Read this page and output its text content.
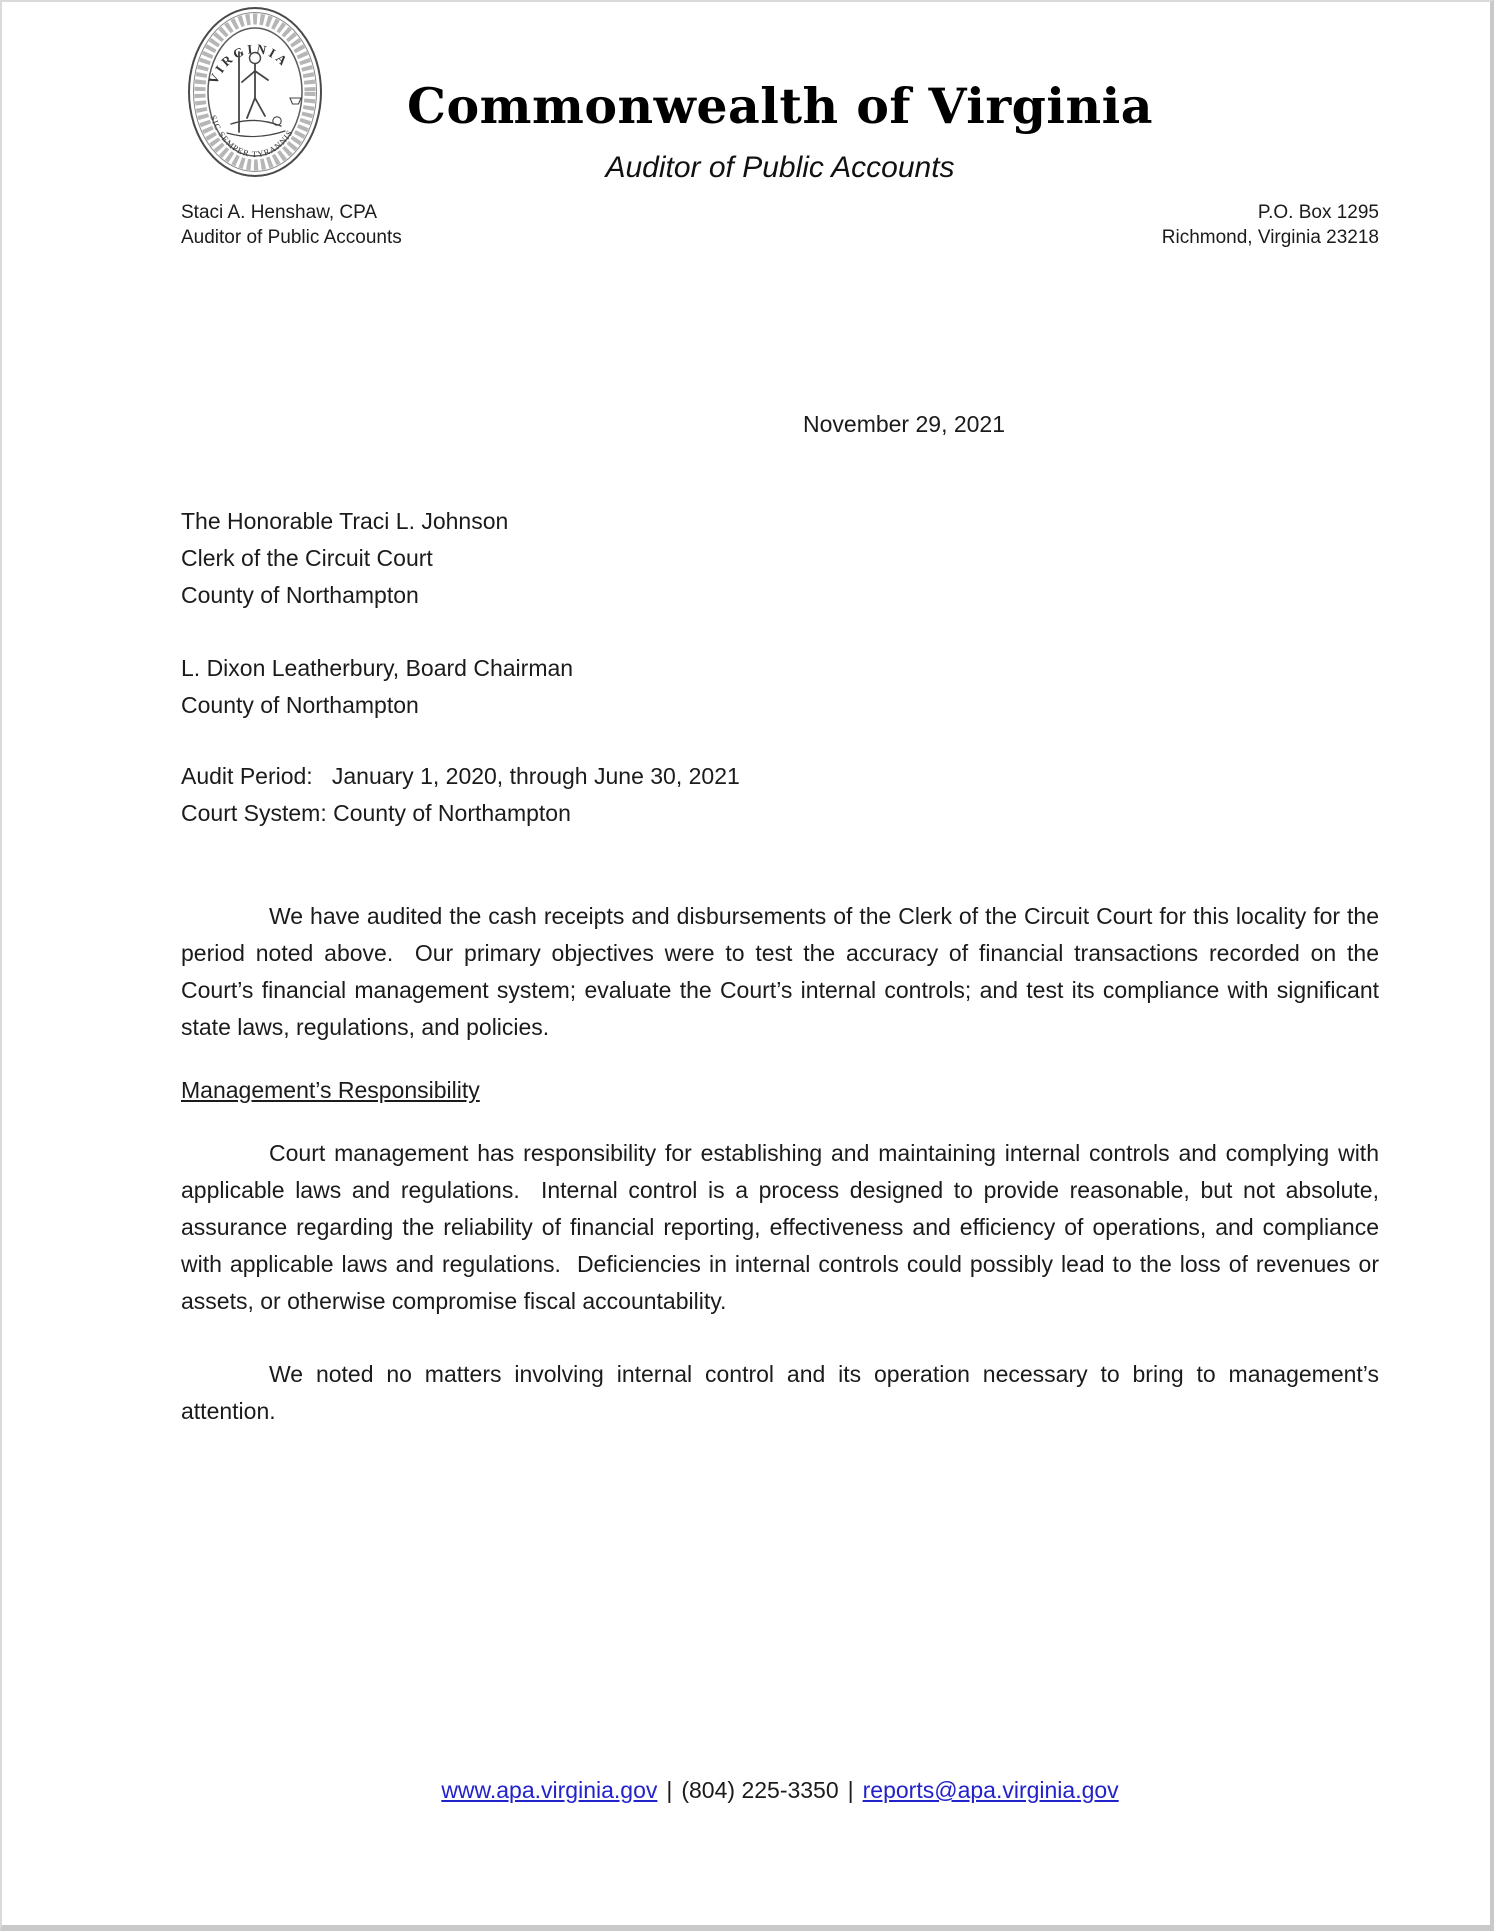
VIRGINIA
SIC SEMPER TYRANNIS	Commonwealth of Virginia
Auditor of Public Accounts
Staci A. Henshaw, CPA
Auditor of Public Accounts
P.O. Box 1295
Richmond, Virginia 23218
November 29, 2021
The Honorable Traci L. Johnson
Clerk of the Circuit Court
County of Northampton
L. Dixon Leatherbury, Board Chairman
County of Northampton
Audit Period:   January 1, 2020, through June 30, 2021
Court System: County of Northampton

We have audited the cash receipts and disbursements of the Clerk of the Circuit Court for this locality for the period noted above.  Our primary objectives were to test the accuracy of financial transactions recorded on the Court’s financial management system; evaluate the Court’s internal controls; and test its compliance with significant state laws, regulations, and policies.

Management’s Responsibility

Court management has responsibility for establishing and maintaining internal controls and complying with applicable laws and regulations.  Internal control is a process designed to provide reasonable, but not absolute, assurance regarding the reliability of financial reporting, effectiveness and efficiency of operations, and compliance with applicable laws and regulations.  Deficiencies in internal controls could possibly lead to the loss of revenues or assets, or otherwise compromise fiscal accountability.

We noted no matters involving internal control and its operation necessary to bring to management’s attention.

www.apa.virginia.gov | (804) 225-3350 | reports@apa.virginia.gov
